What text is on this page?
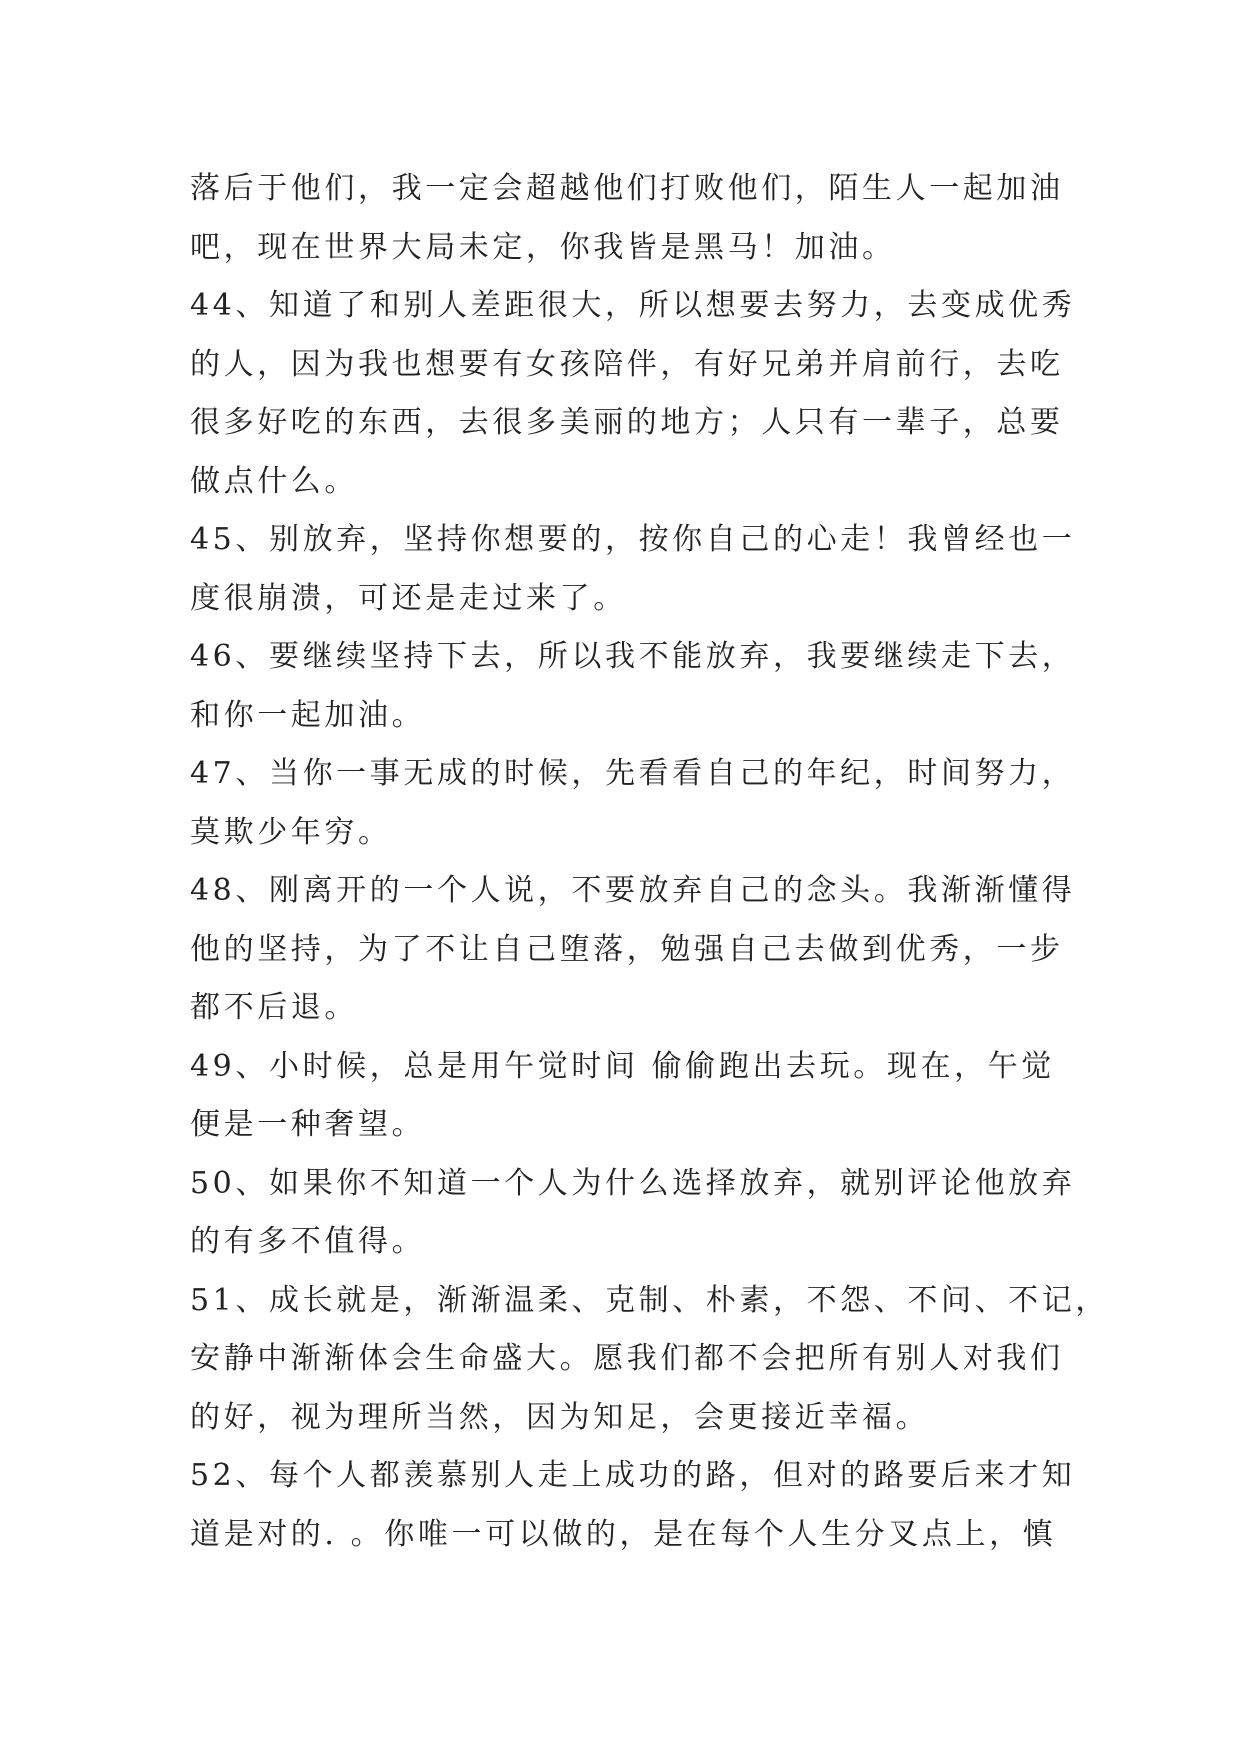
落后于他们，我一定会超越他们打败他们，陌生人一起加油
吧，现在世界大局未定，你我皆是黑马！加油。
44、知道了和别人差距很大，所以想要去努力，去变成优秀
的人，因为我也想要有女孩陪伴，有好兄弟并肩前行，去吃
很多好吃的东西，去很多美丽的地方；人只有一辈子，总要
做点什么。
45、别放弃，坚持你想要的，按你自己的心走！我曾经也一
度很崩溃，可还是走过来了。
46、要继续坚持下去，所以我不能放弃，我要继续走下去，
和你一起加油。
47、当你一事无成的时候，先看看自己的年纪，时间努力，
莫欺少年穷。
48、刚离开的一个人说，不要放弃自己的念头。我渐渐懂得
他的坚持，为了不让自己堕落，勉强自己去做到优秀，一步
都不后退。
49、小时候，总是用午觉时间 偷偷跑出去玩。现在，午觉
便是一种奢望。
50、如果你不知道一个人为什么选择放弃，就别评论他放弃
的有多不值得。
51、成长就是，渐渐温柔、克制、朴素，不怨、不问、不记，
安静中渐渐体会生命盛大。愿我们都不会把所有别人对我们
的好，视为理所当然，因为知足，会更接近幸福。
52、每个人都羡慕别人走上成功的路，但对的路要后来才知
道是对的. 。你唯一可以做的，是在每个人生分叉点上，慎
